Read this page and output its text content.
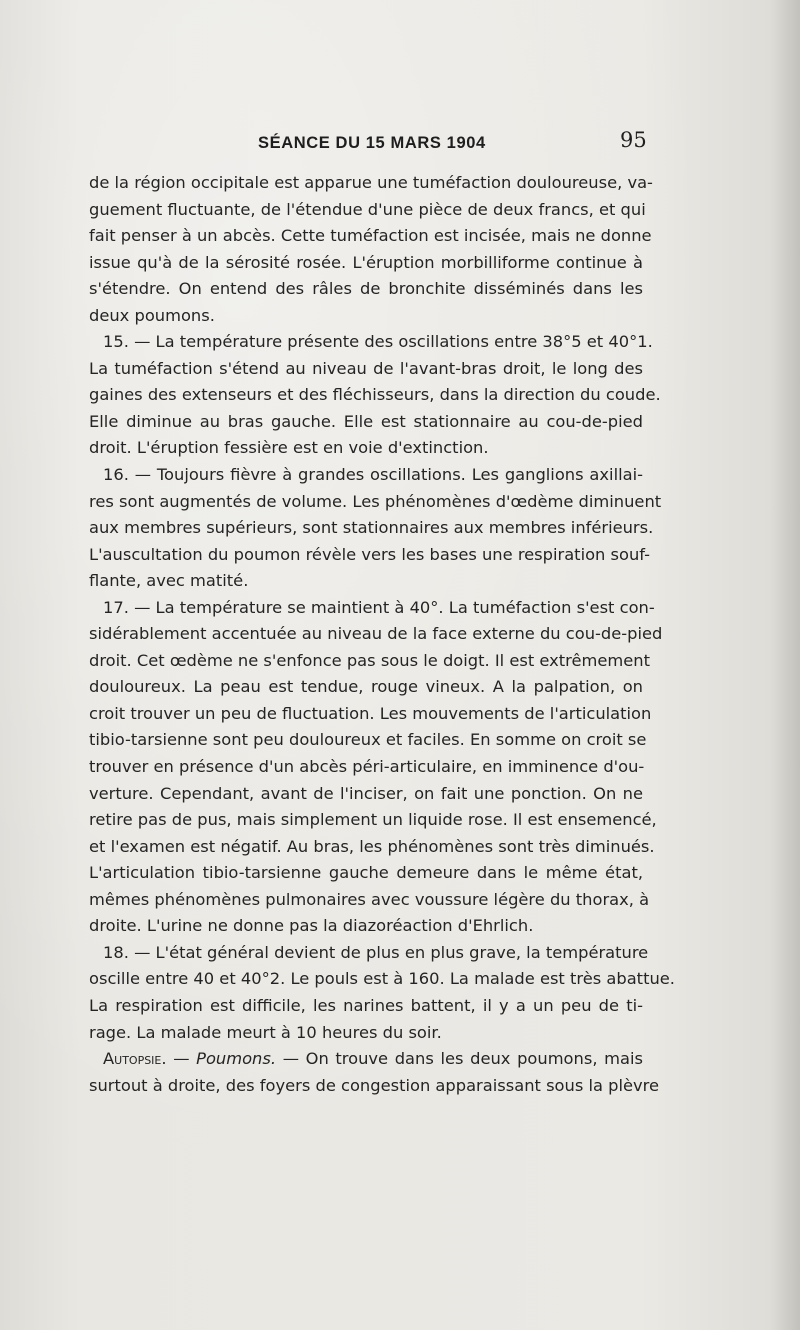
SÉANCE DU 15 MARS 1904	95
de la région occipitale est apparue une tuméfaction douloureuse, va-
guement fluctuante, de l'étendue d'une pièce de deux francs, et qui
fait penser à un abcès. Cette tuméfaction est incisée, mais ne donne
issue qu'à de la sérosité rosée. L'éruption morbilliforme continue à
s'étendre. On entend des râles de bronchite disséminés dans les
deux poumons.
15. — La température présente des oscillations entre 38°5 et 40°1.
La tuméfaction s'étend au niveau de l'avant-bras droit, le long des
gaines des extenseurs et des fléchisseurs, dans la direction du coude.
Elle diminue au bras gauche. Elle est stationnaire au cou-de-pied
droit. L'éruption fessière est en voie d'extinction.
16. — Toujours fièvre à grandes oscillations. Les ganglions axillai-
res sont augmentés de volume. Les phénomènes d'œdème diminuent
aux membres supérieurs, sont stationnaires aux membres inférieurs.
L'auscultation du poumon révèle vers les bases une respiration souf-
flante, avec matité.
17. — La température se maintient à 40°. La tuméfaction s'est con-
sidérablement accentuée au niveau de la face externe du cou-de-pied
droit. Cet œdème ne s'enfonce pas sous le doigt. Il est extrêmement
douloureux. La peau est tendue, rouge vineux. A la palpation, on
croit trouver un peu de fluctuation. Les mouvements de l'articulation
tibio-tarsienne sont peu douloureux et faciles. En somme on croit se
trouver en présence d'un abcès péri-articulaire, en imminence d'ou-
verture. Cependant, avant de l'inciser, on fait une ponction. On ne
retire pas de pus, mais simplement un liquide rose. Il est ensemencé,
et l'examen est négatif. Au bras, les phénomènes sont très diminués.
L'articulation tibio-tarsienne gauche demeure dans le même état,
mêmes phénomènes pulmonaires avec voussure légère du thorax, à
droite. L'urine ne donne pas la diazoréaction d'Ehrlich.
18. — L'état général devient de plus en plus grave, la température
oscille entre 40 et 40°2. Le pouls est à 160. La malade est très abattue.
La respiration est difficile, les narines battent, il y a un peu de ti-
rage. La malade meurt à 10 heures du soir.
Autopsie. — Poumons. — On trouve dans les deux poumons, mais
surtout à droite, des foyers de congestion apparaissant sous la plèvre
